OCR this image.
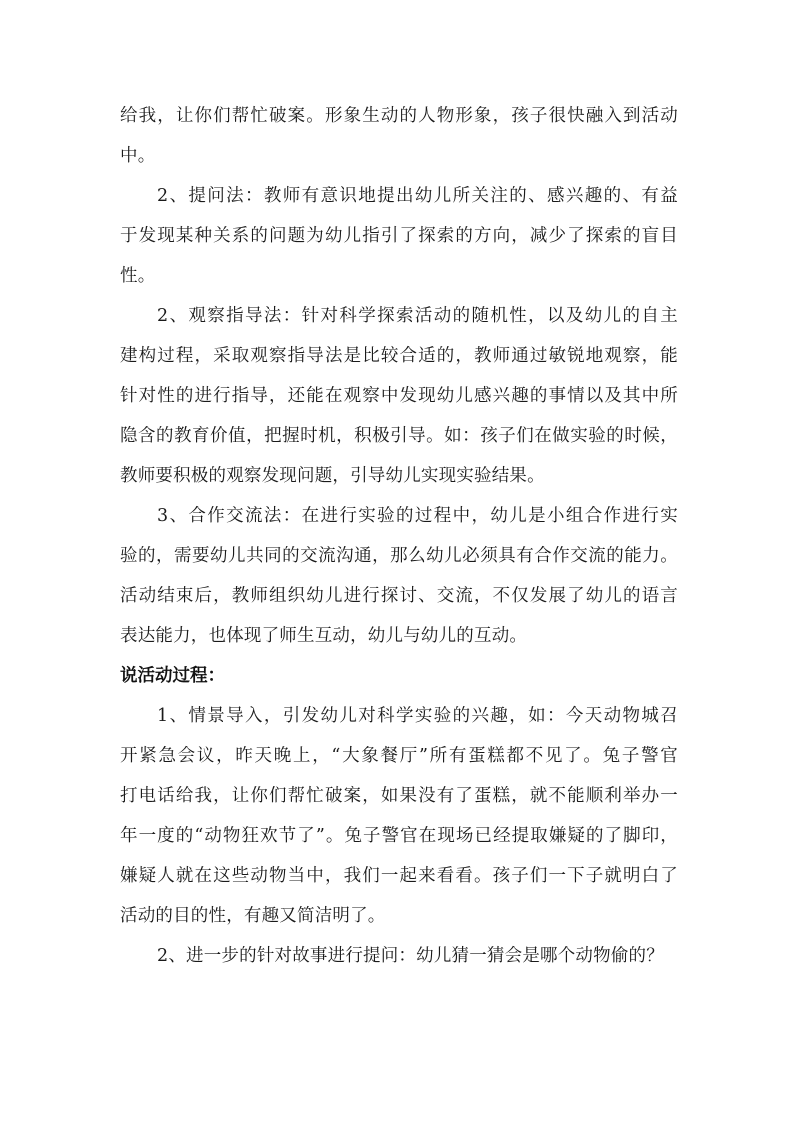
给我，让你们帮忙破案。形象生动的人物形象，孩子很快融入到活动
中。
2、提问法：教师有意识地提出幼儿所关注的、感兴趣的、有益
于发现某种关系的问题为幼儿指引了探索的方向，减少了探索的盲目
性。
2、观察指导法：针对科学探索活动的随机性，以及幼儿的自主
建构过程，采取观察指导法是比较合适的，教师通过敏锐地观察，能
针对性的进行指导，还能在观察中发现幼儿感兴趣的事情以及其中所
隐含的教育价值，把握时机，积极引导。如：孩子们在做实验的时候，
教师要积极的观察发现问题，引导幼儿实现实验结果。
3、合作交流法：在进行实验的过程中，幼儿是小组合作进行实
验的，需要幼儿共同的交流沟通，那么幼儿必须具有合作交流的能力。
活动结束后，教师组织幼儿进行探讨、交流，不仅发展了幼儿的语言
表达能力，也体现了师生互动，幼儿与幼儿的互动。
说活动过程：
1、情景导入，引发幼儿对科学实验的兴趣，如：今天动物城召
开紧急会议，昨天晚上，“大象餐厅”所有蛋糕都不见了。兔子警官
打电话给我，让你们帮忙破案，如果没有了蛋糕，就不能顺利举办一
年一度的“动物狂欢节了”。兔子警官在现场已经提取嫌疑的了脚印，
嫌疑人就在这些动物当中，我们一起来看看。孩子们一下子就明白了
活动的目的性，有趣又简洁明了。
2、进一步的针对故事进行提问：幼儿猜一猜会是哪个动物偷的？
